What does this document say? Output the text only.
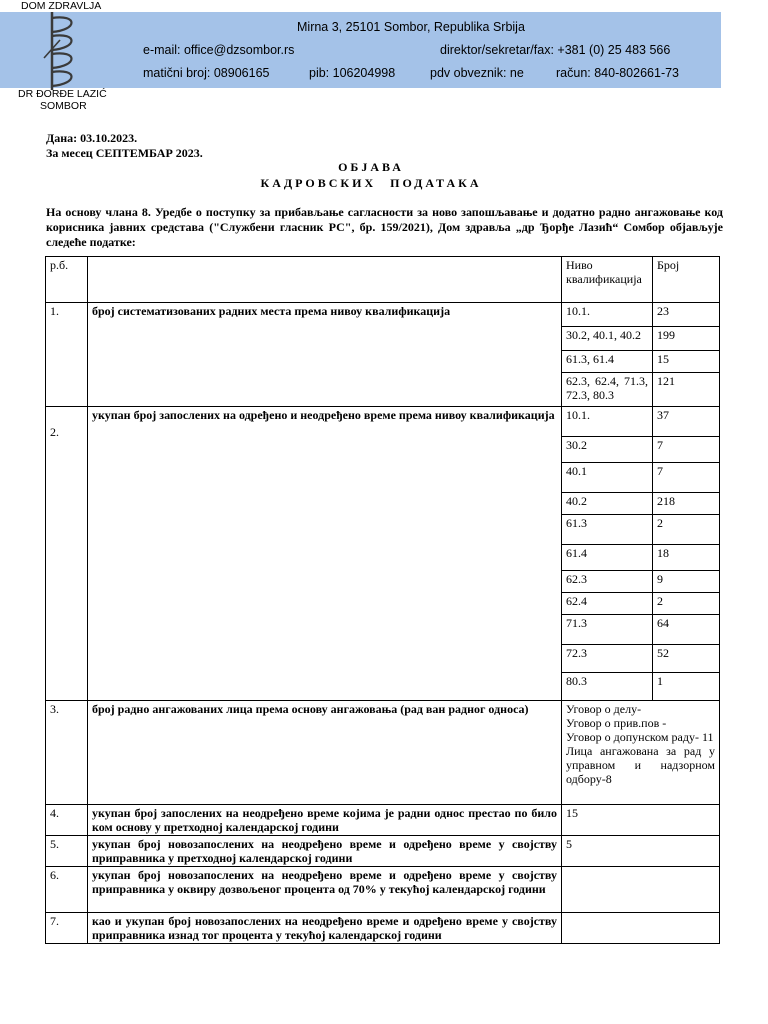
DOM ZDRAVLJA
DR ĐORĐE LAZIĆ
SOMBOR
Mirna 3, 25101 Sombor, Republika Srbija
e-mail: office@dzsombor.rs	direktor/sekretar/fax: +381 (0) 25 483 566
matični broj: 08906165	pib: 106204998	pdv obveznik: ne	račun: 840-802661-73
Дана: 03.10.2023.
За месец СЕПТЕМБАР 2023.
ОБЈАВА
КАДРОВСКИХ ПОДАТАКА
На основу члана 8. Уредбе о поступку за прибављање сагласности за ново запошљавање и додатно радно ангажовање код корисника јавних средстава ("Службени гласник РС", бр. 159/2021), Дом здравља „др Ђорђе Лазић“ Сомбор објављује следеће податке:
р.б.		Ниво квалификација	Број
1.	број систематизованих радних места према нивоу квалификација	10.1.	23
		30.2, 40.1, 40.2	199
		61.3, 61.4	15
		62.3, 62.4, 71.3, 72.3, 80.3	121
2.	укупан број запослених на одређено и неодређено време према нивоу квалификација	10.1.	37
		30.2	7
		40.1	7
		40.2	218
		61.3	2
		61.4	18
		62.3	9
		62.4	2
		71.3	64
		72.3	52
		80.3	1
3.	број радно ангажованих лица према основу ангажовања (рад ван радног односа)	Уговор о делу-
Уговор о прив.пов -
Уговор о допунском раду- 11
Лица ангажована за рад у управном и надзорном одбору-8	

4.	укупан број запослених на неодређено време којима је радни однос престао по било ком основу у претходној календарској години	15	
5.	укупан број новозапослених на неодређено време и одређено време у својству приправника у претходној календарској години	5	
6.	укупан број новозапослених на неодређено време и одређено време у својству приправника у оквиру дозвољеног процента од 70% у текућој календарској години		
7.	као и укупан број новозапослених на неодређено време и одређено време у својству приправника изнад тог процента у текућој календарској години		
